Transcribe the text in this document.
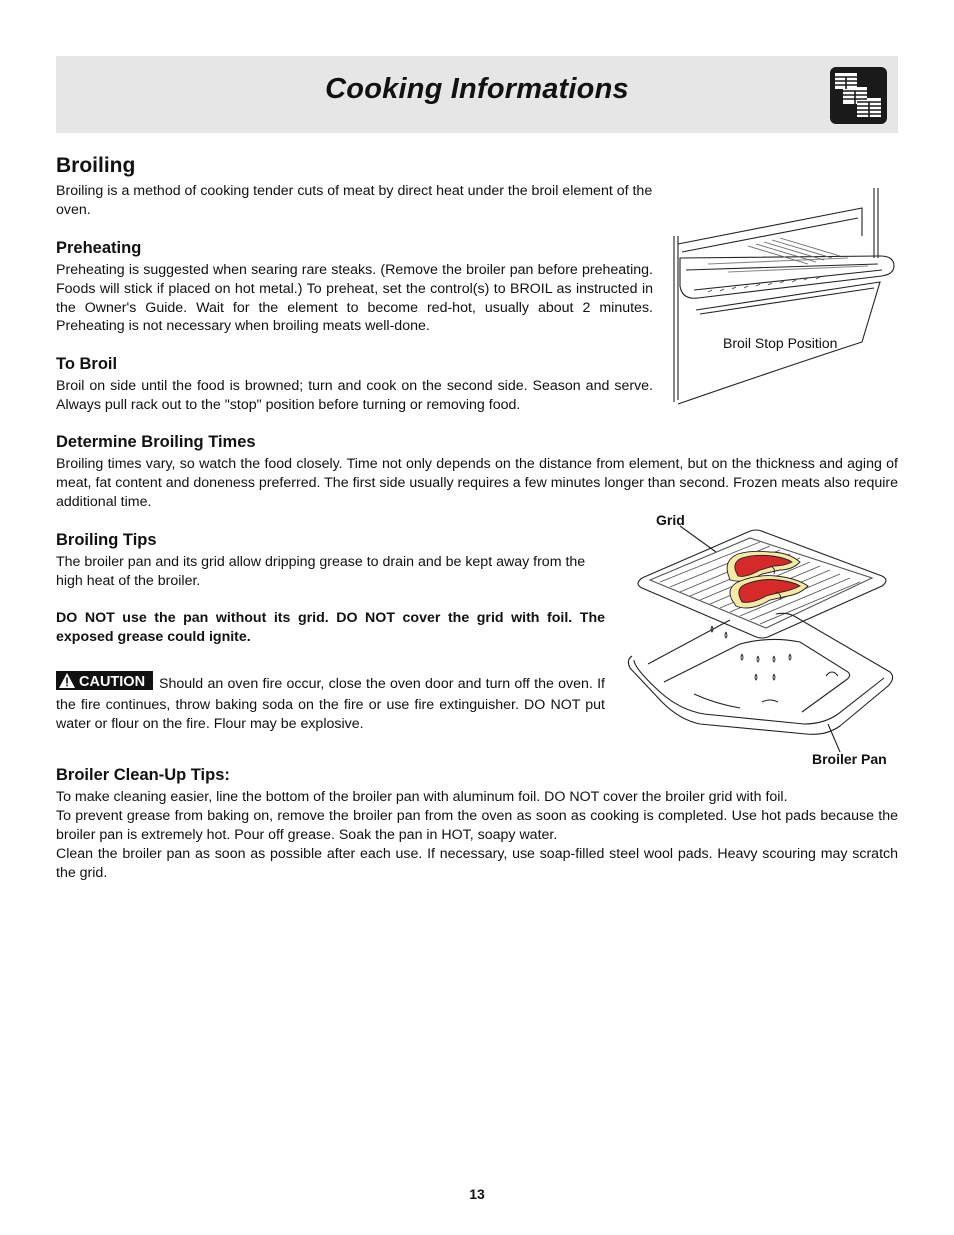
Cooking Informations
Broiling
Broiling is a method of cooking tender cuts of meat by direct heat under the broil element of the oven.
Preheating
Preheating is suggested when searing rare steaks. (Remove the broiler pan before preheating. Foods will stick if placed on hot metal.) To preheat, set the control(s) to BROIL as instructed in the Owner's Guide. Wait for the element to become red-hot, usually about 2 minutes. Preheating is not necessary when broiling meats well-done.
To Broil
Broil on side until the food is browned; turn and cook on the second side. Season and serve. Always pull rack out to the "stop" position before turning or removing food.
Broil Stop Position
Determine Broiling Times
Broiling times vary, so watch the food closely. Time not only depends on the distance from element, but on the thickness and aging of meat, fat content and doneness preferred. The first side usually requires a few minutes longer than second. Frozen meats also require additional time.
Broiling Tips
The broiler pan and its grid allow dripping grease to drain and be kept away from the high heat of the broiler.
DO NOT use the pan without its grid. DO NOT cover the grid with foil. The exposed grease could ignite.
CAUTION Should an oven fire occur, close the oven door and turn off the oven. If the fire continues, throw baking soda on the fire or use fire extinguisher. DO NOT put water or flour on the fire. Flour may be explosive.
Grid
Broiler Pan
Broiler Clean-Up Tips:
To make cleaning easier, line the bottom of the broiler pan with aluminum foil. DO NOT cover the broiler grid with foil.
To prevent grease from baking on, remove the broiler pan from the oven as soon as cooking is completed. Use hot pads because the broiler pan is extremely hot. Pour off grease. Soak the pan in HOT, soapy water.
Clean the broiler pan as soon as possible after each use. If necessary, use soap-filled steel wool pads. Heavy scouring may scratch the grid.
13
